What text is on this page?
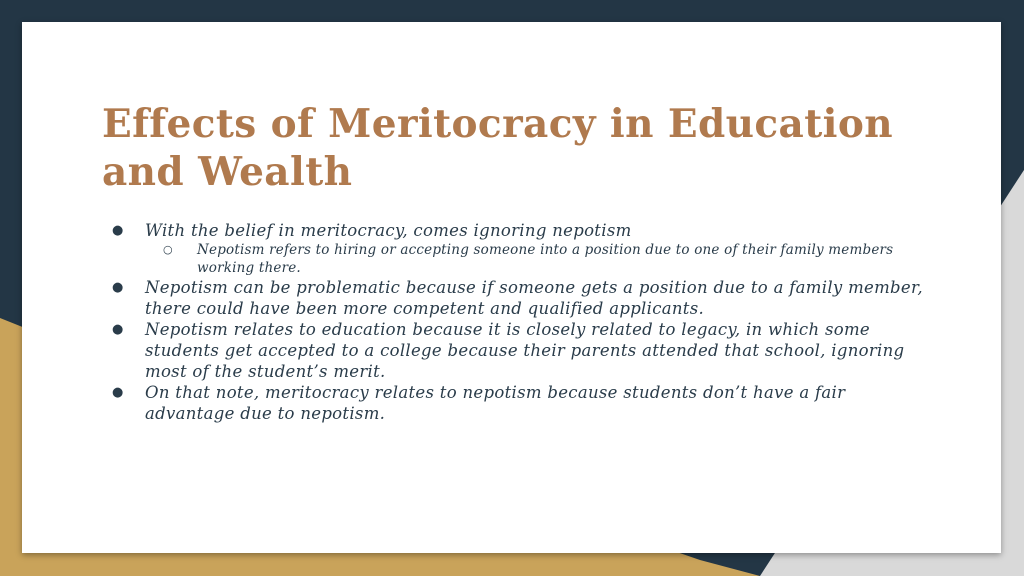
Effects of Meritocracy in Education and Wealth
● With the belief in meritocracy, comes ignoring nepotism
○ Nepotism refers to hiring or accepting someone into a position due to one of their family members working there.
● Nepotism can be problematic because if someone gets a position due to a family member, there could have been more competent and qualified applicants.
● Nepotism relates to education because it is closely related to legacy, in which some students get accepted to a college because their parents attended that school, ignoring most of the student’s merit.
● On that note, meritocracy relates to nepotism because students don’t have a fair advantage due to nepotism.
